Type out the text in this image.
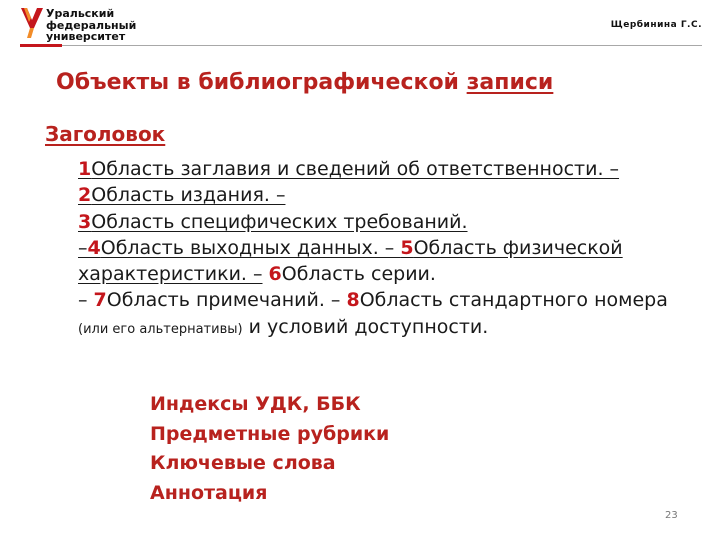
Уральский
федеральный
университет
Щербинина Г.С.
Объекты в библиографической записи
Заголовок
1Область заглавия и сведений об ответственности. – 2Область издания. –
3Область специфических требований.
–4Область выходных данных. – 5Область физической характеристики. – 6Область серии.
– 7Область примечаний. – 8Область стандартного номера (или его альтернативы) и условий доступности.
Индексы УДК, ББК
Предметные рубрики
Ключевые слова
Аннотация
23
